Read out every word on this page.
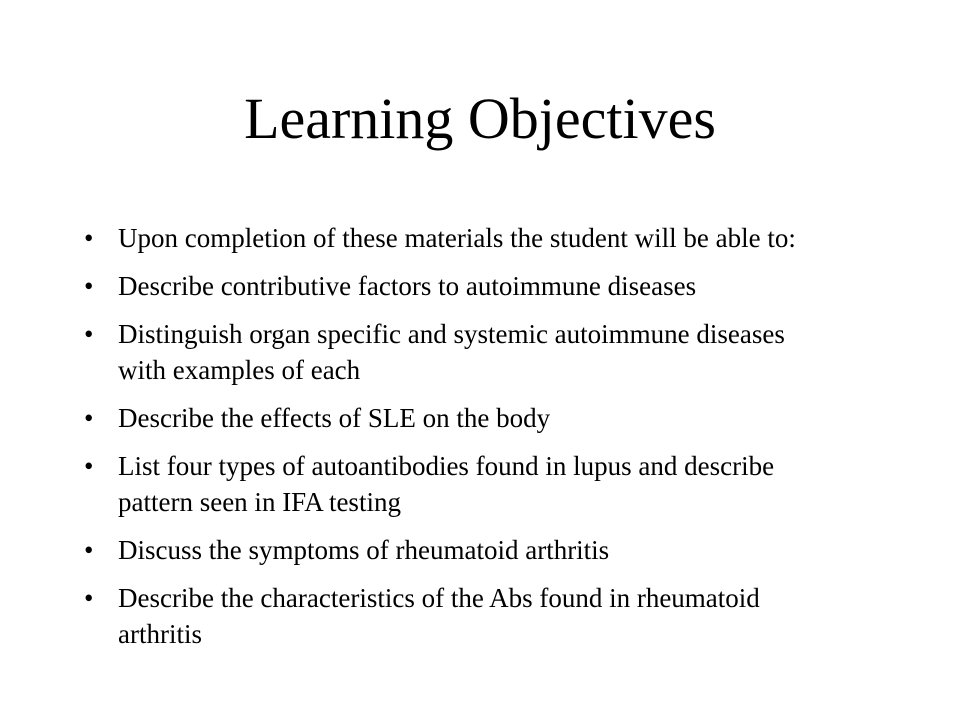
Learning Objectives
• Upon completion of these materials the student will be able to:
• Describe contributive factors to autoimmune diseases
• Distinguish organ specific and systemic autoimmune diseases with examples of each
• Describe the effects of SLE on the body
• List four types of autoantibodies found in lupus and describe pattern seen in IFA testing
• Discuss the symptoms of rheumatoid arthritis
• Describe the characteristics of the Abs found in rheumatoid arthritis
